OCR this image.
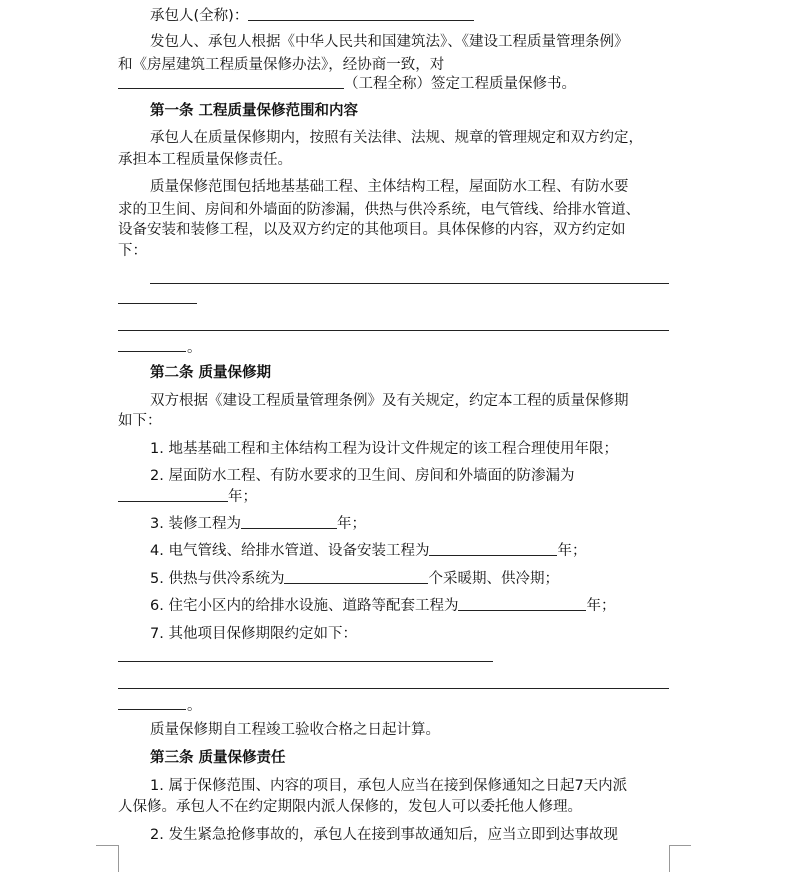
承包人(全称)：
发包人、承包人根据《中华人民共和国建筑法》、《建设工程质量管理条例》
和《房屋建筑工程质量保修办法》，经协商一致，对
（工程全称）签定工程质量保修书。
第一条 工程质量保修范围和内容
承包人在质量保修期内，按照有关法律、法规、规章的管理规定和双方约定，
承担本工程质量保修责任。
质量保修范围包括地基基础工程、主体结构工程，屋面防水工程、有防水要
求的卫生间、房间和外墙面的防渗漏，供热与供冷系统，电气管线、给排水管道、
设备安装和装修工程，以及双方约定的其他项目。具体保修的内容，双方约定如
下：
。
第二条 质量保修期
双方根据《建设工程质量管理条例》及有关规定，约定本工程的质量保修期
如下：
1. 地基基础工程和主体结构工程为设计文件规定的该工程合理使用年限；
2. 屋面防水工程、有防水要求的卫生间、房间和外墙面的防渗漏为
年；
3. 装修工程为	年；
4. 电气管线、给排水管道、设备安装工程为	年；
5. 供热与供冷系统为	个采暖期、供冷期；
6. 住宅小区内的给排水设施、道路等配套工程为	年；
7. 其他项目保修期限约定如下：
。
质量保修期自工程竣工验收合格之日起计算。
第三条 质量保修责任
1. 属于保修范围、内容的项目，承包人应当在接到保修通知之日起7天内派
人保修。承包人不在约定期限内派人保修的，发包人可以委托他人修理。
2. 发生紧急抢修事故的，承包人在接到事故通知后，应当立即到达事故现
